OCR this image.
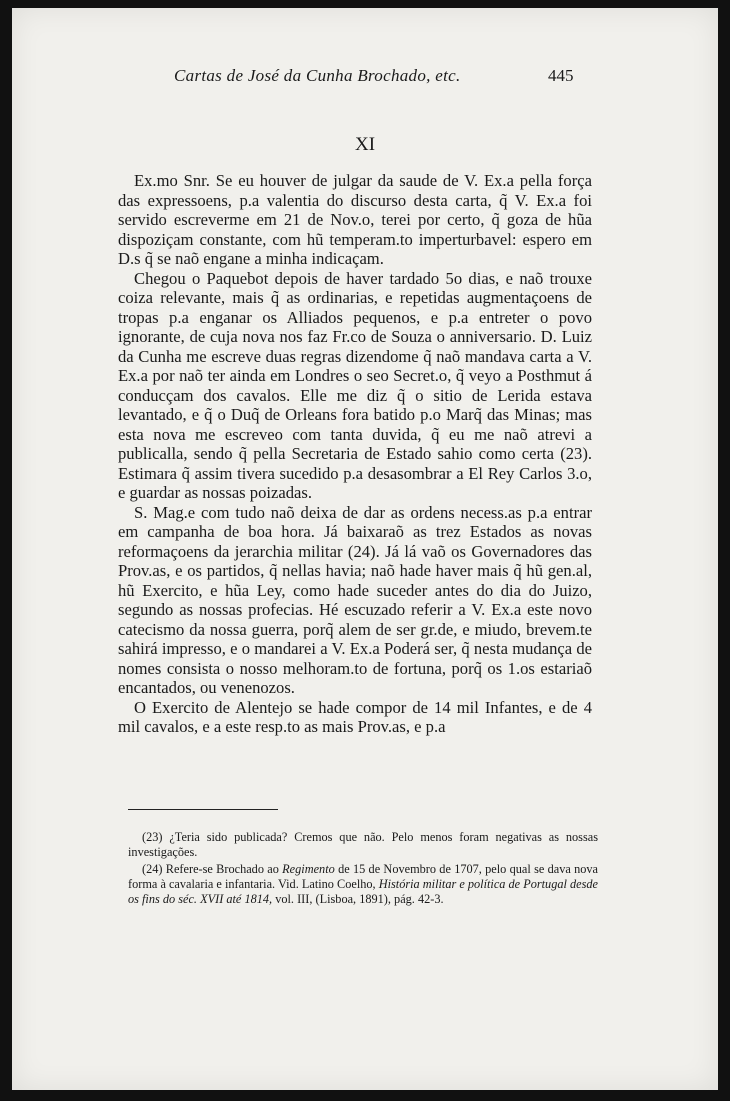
Cartas de José da Cunha Brochado, etc.	445
XI

Ex.mo Snr. Se eu houver de julgar da saude de V. Ex.a pella força das expressoens, p.a valentia do discurso desta carta, q̃ V. Ex.a foi servido escreverme em 21 de Nov.o, terei por certo, q̃ goza de hũa dispoziçam constante, com hũ temperam.to imperturbavel: espero em D.s q̃ se naõ engane a minha indicaçam.

Chegou o Paquebot depois de haver tardado 5o dias, e naõ trouxe coiza relevante, mais q̃ as ordinarias, e repetidas augmentaçoens de tropas p.a enganar os Alliados pequenos, e p.a entreter o povo ignorante, de cuja nova nos faz Fr.co de Souza o anniversario. D. Luiz da Cunha me escreve duas regras dizendome q̃ naõ mandava carta a V. Ex.a por naõ ter ainda em Londres o seo Secret.o, q̃ veyo a Posthmut á conducçam dos cavalos. Elle me diz q̃ o sitio de Lerida estava levantado, e q̃ o Duq̃ de Orleans fora batido p.o Marq̃ das Minas; mas esta nova me escreveo com tanta duvida, q̃ eu me naõ atrevi a publicalla, sendo q̃ pella Secretaria de Estado sahio como certa (23). Estimara q̃ assim tivera sucedido p.a desasombrar a El Rey Carlos 3.o, e guardar as nossas poizadas.

S. Mag.e com tudo naõ deixa de dar as ordens necess.as p.a entrar em campanha de boa hora. Já baixaraõ as trez Estados as novas reformaçoens da jerarchia militar (24). Já lá vaõ os Governadores das Prov.as, e os partidos, q̃ nellas havia; naõ hade haver mais q̃ hũ gen.al, hũ Exercito, e hũa Ley, como hade suceder antes do dia do Juizo, segundo as nossas profecias. Hé escuzado referir a V. Ex.a este novo catecismo da nossa guerra, porq̃ alem de ser gr.de, e miudo, brevem.te sahirá impresso, e o mandarei a V. Ex.a Poderá ser, q̃ nesta mudança de nomes consista o nosso melhoram.to de fortuna, porq̃ os 1.os estariaõ encantados, ou venenozos.

O Exercito de Alentejo se hade compor de 14 mil Infantes, e de 4 mil cavalos, e a este resp.to as mais Prov.as, e p.a

(23) ¿Teria sido publicada? Cremos que não. Pelo menos foram negativas as nossas investigações.

(24) Refere-se Brochado ao Regimento de 15 de Novembro de 1707, pelo qual se dava nova forma à cavalaria e infantaria. Vid. Latino Coelho, História militar e política de Portugal desde os fins do séc. XVII até 1814, vol. III, (Lisboa, 1891), pág. 42-3.
